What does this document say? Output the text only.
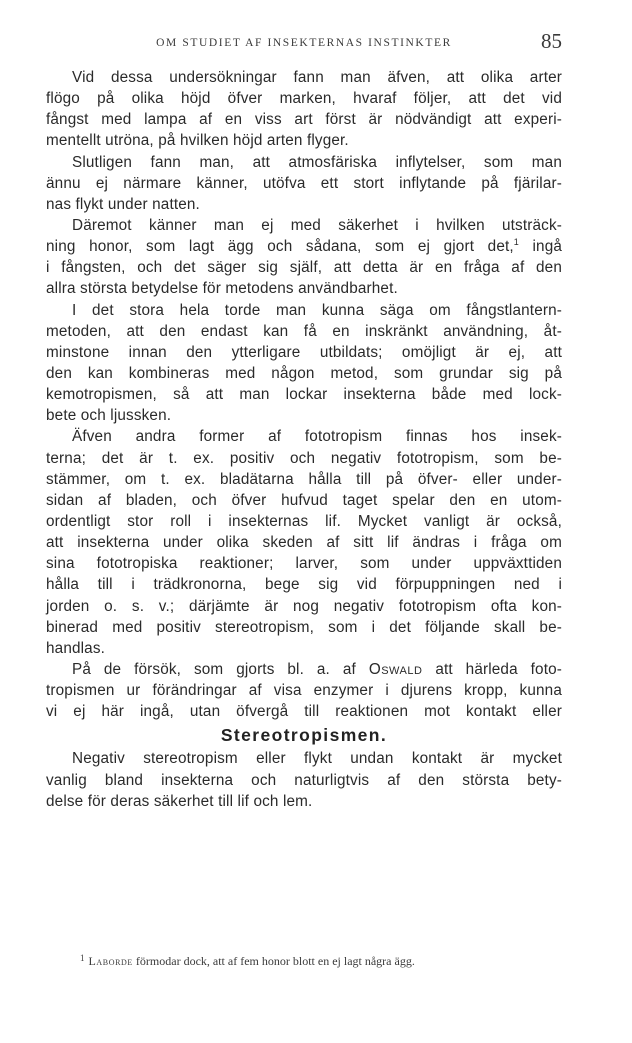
OM STUDIET AF INSEKTERNAS INSTINKTER	85
Vid dessa undersökningar fann man äfven, att olika arter
flögo på olika höjd öfver marken, hvaraf följer, att det vid
fångst med lampa af en viss art först är nödvändigt att experi-
mentellt utröna, på hvilken höjd arten flyger.
Slutligen fann man, att atmosfäriska inflytelser, som man
ännu ej närmare känner, utöfva ett stort inflytande på fjärilar-
nas flykt under natten.
Däremot känner man ej med säkerhet i hvilken utsträck-
ning honor, som lagt ägg och sådana, som ej gjort det,$^1$ ingå
i fångsten, och det säger sig själf, att detta är en fråga af den
allra största betydelse för metodens användbarhet.
I det stora hela torde man kunna säga om fångstlantern-
metoden, att den endast kan få en inskränkt användning, åt-
minstone innan den ytterligare utbildats; omöjligt är ej, att
den kan kombineras med någon metod, som grundar sig på
kemotropismen, så att man lockar insekterna både med lock-
bete och ljussken.
Äfven andra former af fototropism finnas hos insek-
terna; det är t. ex. positiv och negativ fototropism, som be-
stämmer, om t. ex. bladätarna hålla till på öfver- eller under-
sidan af bladen, och öfver hufvud taget spelar den en utom-
ordentligt stor roll i insekternas lif. Mycket vanligt är också,
att insekterna under olika skeden af sitt lif ändras i fråga om
sina fototropiska reaktioner; larver, som under uppväxttiden
hålla till i trädkronorna, bege sig vid förpuppningen ned i
jorden o. s. v.; därjämte är nog negativ fototropism ofta kon-
binerad med positiv stereotropism, som i det följande skall be-
handlas.
På de försök, som gjorts bl. a. af Oswald att härleda foto-
tropismen ur förändringar af visa enzymer i djurens kropp, kunna
vi ej här ingå, utan öfvergå till reaktionen mot kontakt eller
Stereotropismen.
Negativ stereotropism eller flykt undan kontakt är mycket
vanlig bland insekterna och naturligtvis af den största bety-
delse för deras säkerhet till lif och lem.
$^1$ Laborde förmodar dock, att af fem honor blott en ej lagt några ägg.
